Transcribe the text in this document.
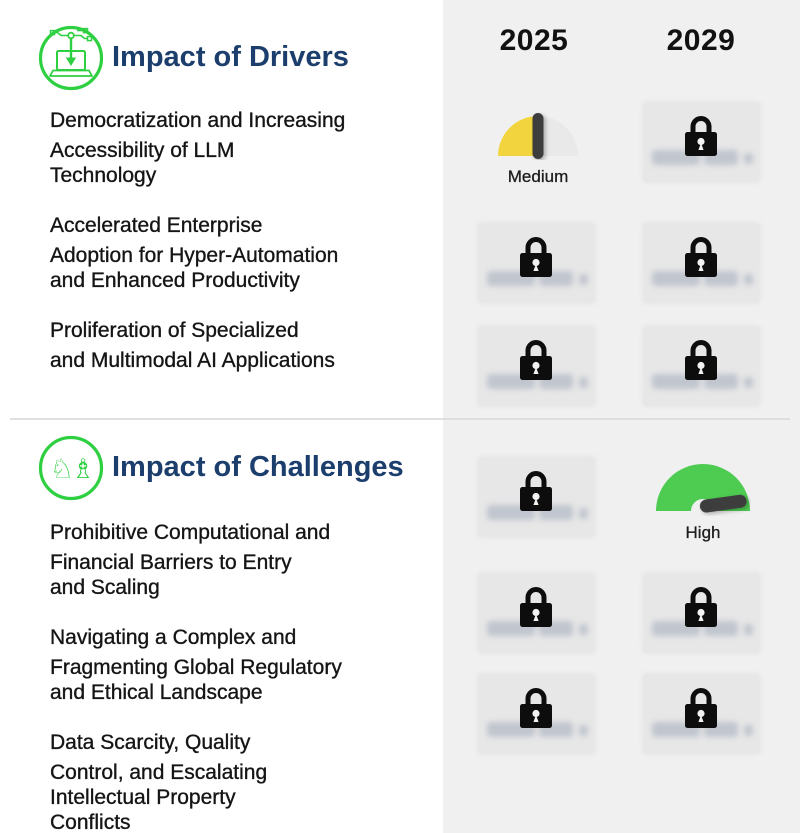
2025	2029
Impact of Drivers
Democratization and Increasing
Accessibility of LLM
Technology
Accelerated Enterprise
Adoption for Hyper-Automation
and Enhanced Productivity
Proliferation of Specialized
and Multimodal AI Applications
Medium
♘♗ Impact of Challenges
Prohibitive Computational and
Financial Barriers to Entry
and Scaling
Navigating a Complex and
Fragmenting Global Regulatory
and Ethical Landscape
Data Scarcity, Quality
Control, and Escalating
Intellectual Property
Conflicts
High
